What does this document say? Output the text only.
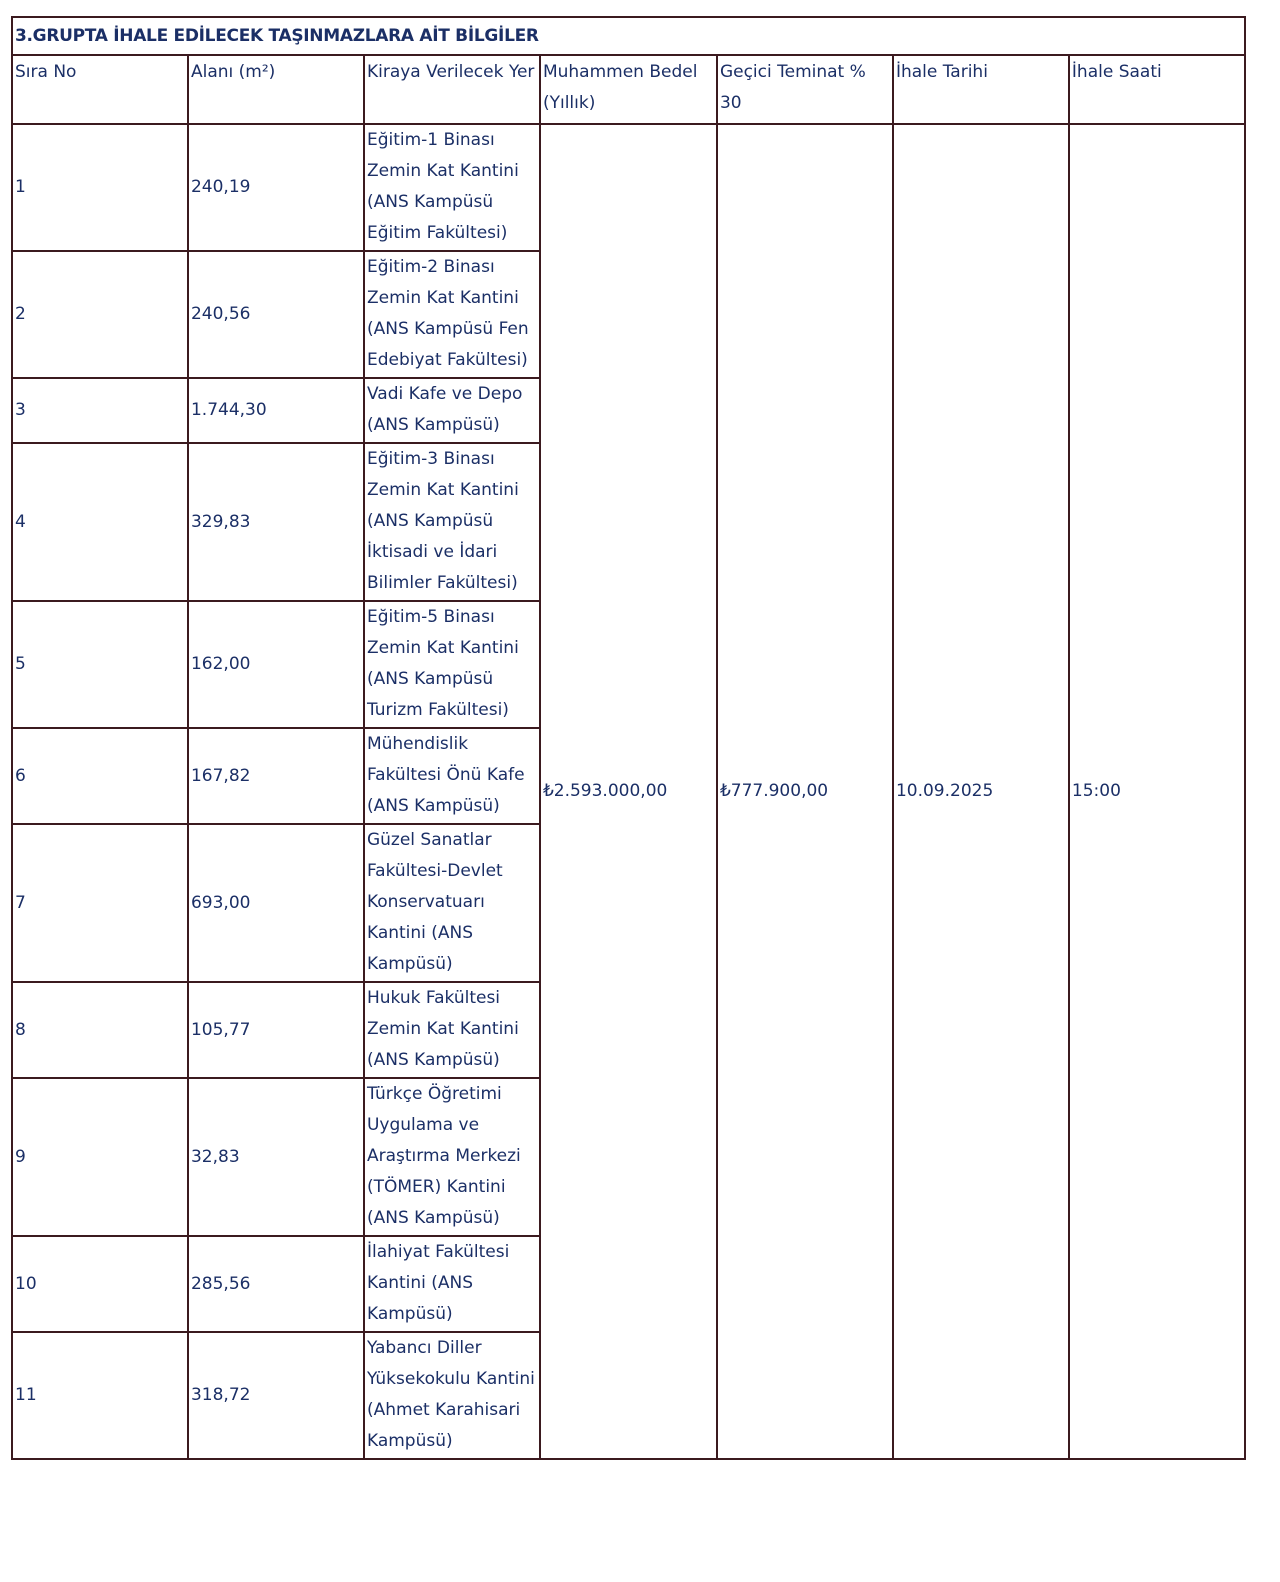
3.GRUPTA İHALE EDİLECEK TAŞINMAZLARA AİT BİLGİLER						
Sıra No	Alanı (m²)	Kiraya Verilecek Yer	Muhammen Bedel (Yıllık)	Geçici Teminat % 30	İhale Tarihi	İhale Saati
1	240,19	Eğitim-1 Binası Zemin Kat Kantini (ANS Kampüsü Eğitim Fakültesi)	₺2.593.000,00	₺777.900,00	10.09.2025	15:00
2	240,56	Eğitim-2 Binası Zemin Kat Kantini (ANS Kampüsü Fen Edebiyat Fakültesi)				
3	1.744,30	Vadi Kafe ve Depo (ANS Kampüsü)				
4	329,83	Eğitim-3 Binası Zemin Kat Kantini (ANS Kampüsü İktisadi ve İdari Bilimler Fakültesi)				
5	162,00	Eğitim-5 Binası Zemin Kat Kantini (ANS Kampüsü Turizm Fakültesi)				
6	167,82	Mühendislik Fakültesi Önü Kafe (ANS Kampüsü)				
7	693,00	Güzel Sanatlar Fakültesi-Devlet Konservatuarı Kantini (ANS Kampüsü)				
8	105,77	Hukuk Fakültesi Zemin Kat Kantini (ANS Kampüsü)				
9	32,83	Türkçe Öğretimi Uygulama ve Araştırma Merkezi (TÖMER) Kantini (ANS Kampüsü)				
10	285,56	İlahiyat Fakültesi Kantini (ANS Kampüsü)				
11	318,72	Yabancı Diller Yüksekokulu Kantini (Ahmet Karahisari Kampüsü)				
